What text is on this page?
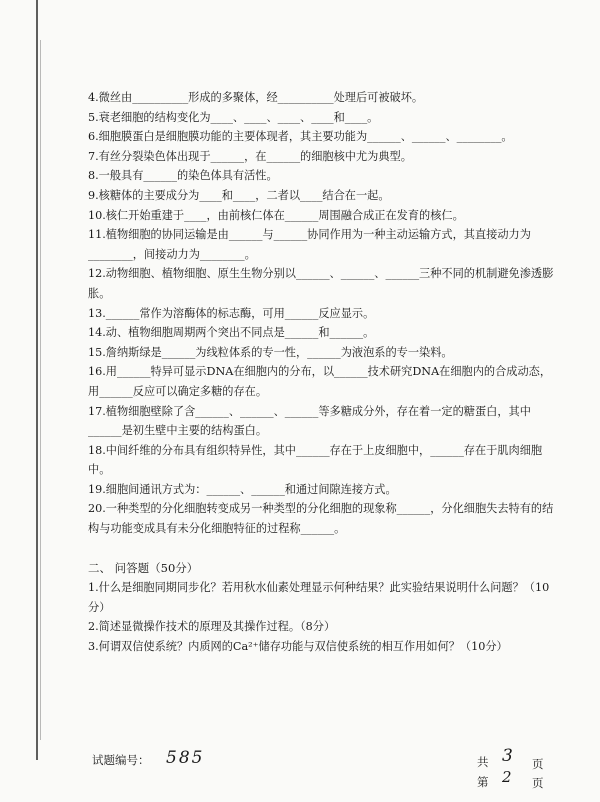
4.微丝由__________形成的多聚体，经__________处理后可被破坏。

5.衰老细胞的结构变化为____、____、____、____和____。

6.细胞膜蛋白是细胞膜功能的主要体现者，其主要功能为______、______、________。

7.有丝分裂染色体出现于______，在______的细胞核中尤为典型。

8.一般具有______的染色体具有活性。

9.核糖体的主要成分为____和____，二者以____结合在一起。

10.核仁开始重建于____，由前核仁体在______周围融合成正在发育的核仁。

11.植物细胞的协同运输是由______与______协同作用为一种主动运输方式，其直接动力为________，间接动力为________。

12.动物细胞、植物细胞、原生生物分别以______、______、______三种不同的机制避免渗透膨胀。

13.______常作为溶酶体的标志酶，可用______反应显示。

14.动、植物细胞周期两个突出不同点是______和______。

15.詹纳斯绿是______为线粒体系的专一性，______为液泡系的专一染料。

16.用______特异可显示DNA在细胞内的分布，以______技术研究DNA在细胞内的合成动态，用______反应可以确定多糖的存在。

17.植物细胞壁除了含______、______、______等多糖成分外，存在着一定的糖蛋白，其中______是初生壁中主要的结构蛋白。

18.中间纤维的分布具有组织特异性，其中______存在于上皮细胞中，______存在于肌肉细胞中。

19.细胞间通讯方式为：______、______和通过间隙连接方式。

20.一种类型的分化细胞转变成另一种类型的分化细胞的现象称______，分化细胞失去特有的结构与功能变成具有未分化细胞特征的过程称______。

二、 问答题（50分）

1.什么是细胞同期同步化？若用秋水仙素处理显示何种结果？此实验结果说明什么问题？（10分）

2.简述显微操作技术的原理及其操作过程。（8分）

3.何谓双信使系统？内质网的Ca²⁺储存功能与双信使系统的相互作用如何？（10分）

试题编号： 585	共 3 页
第 2 页
